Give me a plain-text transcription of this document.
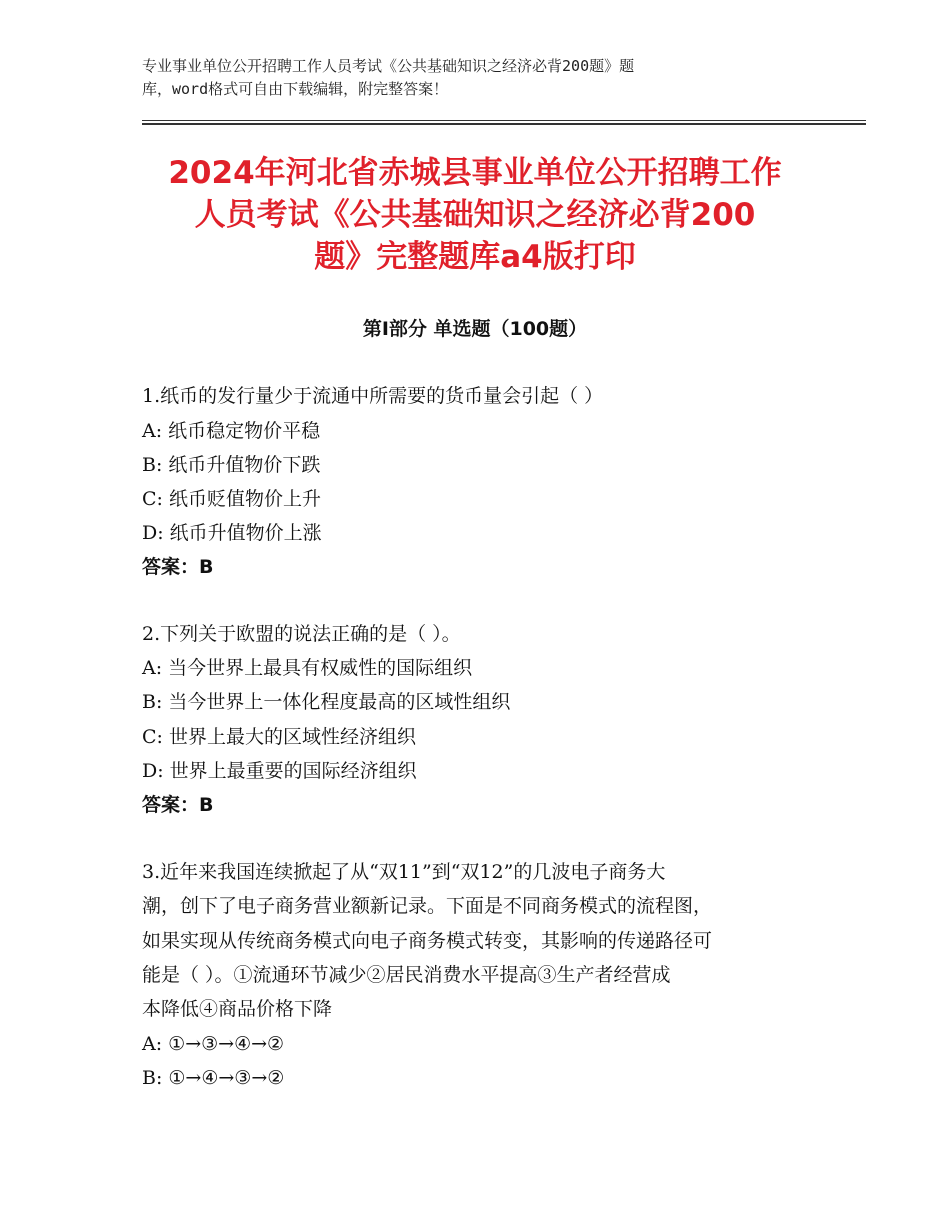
专业事业单位公开招聘工作人员考试《公共基础知识之经济必背200题》题
库，word格式可自由下载编辑，附完整答案！
2024年河北省赤城县事业单位公开招聘工作
人员考试《公共基础知识之经济必背200
题》完整题库a4版打印
第Ⅰ部分 单选题（100题）
1.纸币的发行量少于流通中所需要的货币量会引起（ ）
A: 纸币稳定物价平稳
B: 纸币升值物价下跌
C: 纸币贬值物价上升
D: 纸币升值物价上涨
答案：B
2.下列关于欧盟的说法正确的是（ ）。
A: 当今世界上最具有权威性的国际组织
B: 当今世界上一体化程度最高的区域性组织
C: 世界上最大的区域性经济组织
D: 世界上最重要的国际经济组织
答案：B
3.近年来我国连续掀起了从“双11”到“双12”的几波电子商务大
潮，创下了电子商务营业额新记录。下面是不同商务模式的流程图，
如果实现从传统商务模式向电子商务模式转变，其影响的传递路径可
能是（ ）。①流通环节减少②居民消费水平提高③生产者经营成
本降低④商品价格下降
A: ①→③→④→②
B: ①→④→③→②
